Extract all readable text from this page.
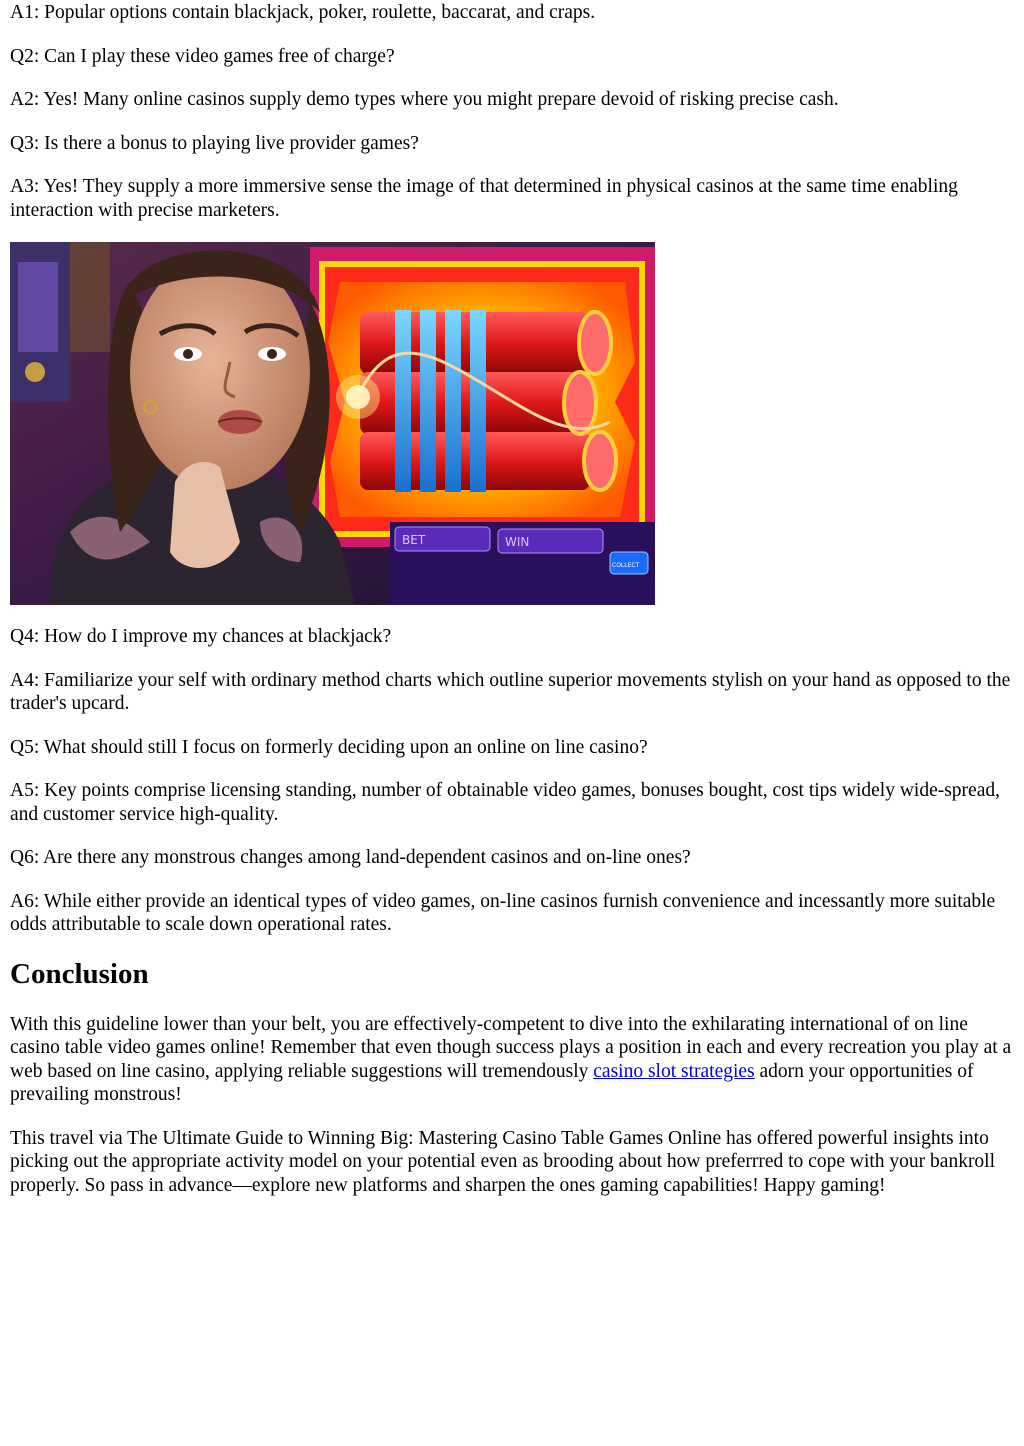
A1: Popular options contain blackjack, poker, roulette, baccarat, and craps.

Q2: Can I play these video games free of charge?

A2: Yes! Many online casinos supply demo types where you might prepare devoid of risking precise cash.

Q3: Is there a bonus to playing live provider games?

A3: Yes! They supply a more immersive sense the image of that determined in physical casinos at the same time enabling interaction with precise marketers.

BET	WIN
COLLECT

Q4: How do I improve my chances at blackjack?

A4: Familiarize your self with ordinary method charts which outline superior movements stylish on your hand as opposed to the trader's upcard.

Q5: What should still I focus on formerly deciding upon an online on line casino?

A5: Key points comprise licensing standing, number of obtainable video games, bonuses bought, cost tips widely wide-spread, and customer service high-quality.

Q6: Are there any monstrous changes among land-dependent casinos and on-line ones?

A6: While either provide an identical types of video games, on-line casinos furnish convenience and incessantly more suitable odds attributable to scale down operational rates.

Conclusion

With this guideline lower than your belt, you are effectively-competent to dive into the exhilarating international of on line casino table video games online! Remember that even though success plays a position in each and every recreation you play at a web based on line casino, applying reliable suggestions will tremendously casino slot strategies adorn your opportunities of prevailing monstrous!

This travel via The Ultimate Guide to Winning Big: Mastering Casino Table Games Online has offered powerful insights into picking out the appropriate activity model on your potential even as brooding about how preferrred to cope with your bankroll properly. So pass in advance—explore new platforms and sharpen the ones gaming capabilities! Happy gaming!
